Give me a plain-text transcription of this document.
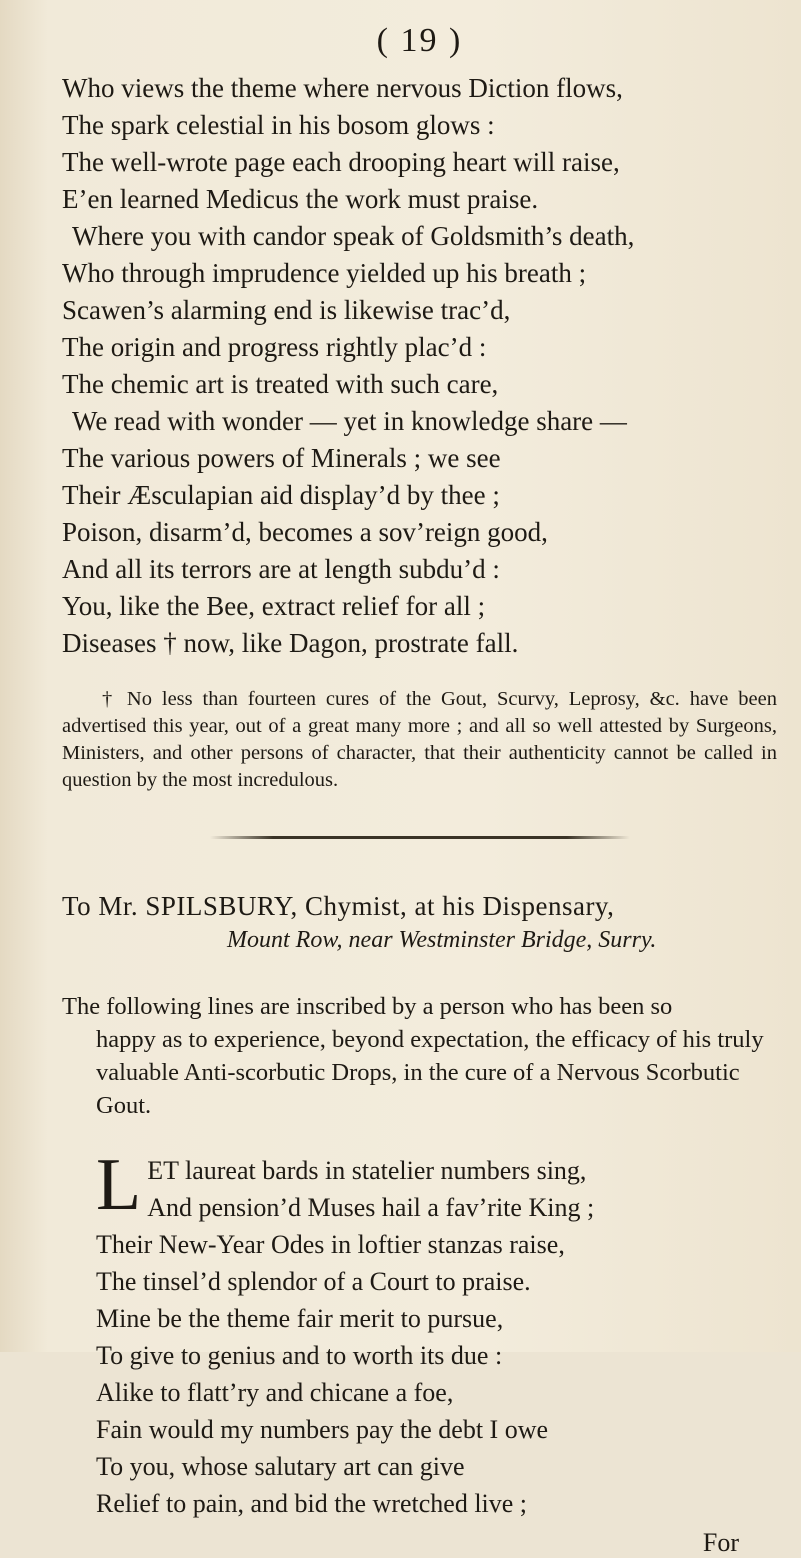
( 19 )
Who views the theme where nervous Diction flows,
The spark celestial in his bosom glows :
The well-wrote page each drooping heart will raise,
E’en learned Medicus the work must praise.
Where you with candor speak of Goldsmith’s death,
Who through imprudence yielded up his breath ;
Scawen’s alarming end is likewise trac’d,
The origin and progress rightly plac’d :
The chemic art is treated with such care,
We read with wonder — yet in knowledge share —
The various powers of Minerals ; we see
Their Æsculapian aid display’d by thee ;
Poison, disarm’d, becomes a sov’reign good,
And all its terrors are at length subdu’d :
You, like the Bee, extract relief for all ;
Diseases † now, like Dagon, prostrate fall.
† No less than fourteen cures of the Gout, Scurvy, Leprosy, &c. have been advertised this year, out of a great many more ; and all so well attested by Surgeons, Ministers, and other persons of character, that their authenticity cannot be called in question by the most incredulous.
To Mr. SPILSBURY, Chymist, at his Dispensary,
Mount Row, near Westminster Bridge, Surry.
The following lines are inscribed by a person who has been so
happy as to experience, beyond expectation, the efficacy of his truly valuable Anti-scorbutic Drops, in the cure of a Nervous Scorbutic Gout.
L ET laureat bards in statelier numbers sing,
And pension’d Muses hail a fav’rite King ;
Their New-Year Odes in loftier stanzas raise,
The tinsel’d splendor of a Court to praise.
Mine be the theme fair merit to pursue,
To give to genius and to worth its due :
Alike to flatt’ry and chicane a foe,
Fain would my numbers pay the debt I owe
To you, whose salutary art can give
Relief to pain, and bid the wretched live ;
For
